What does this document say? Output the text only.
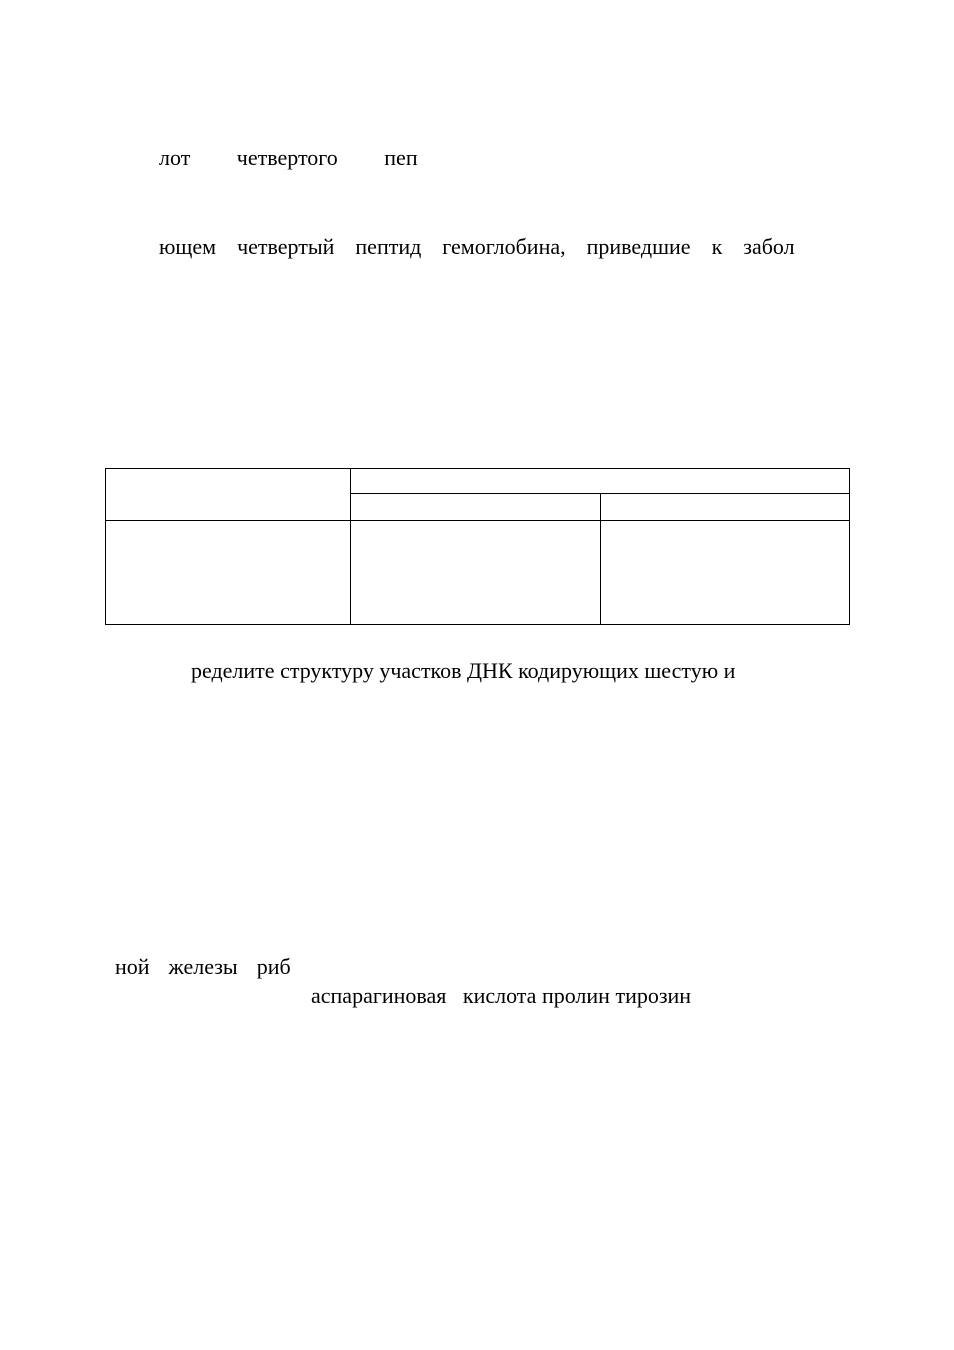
лот   четвертого   пеп
ющем  четвертый  пептид  гемоглобина,  приведшие  к  забол

ределите структуру участков ДНК кодирующих шестую и
ной  железы  риб
аспарагиновая   кислота пролин тирозин
